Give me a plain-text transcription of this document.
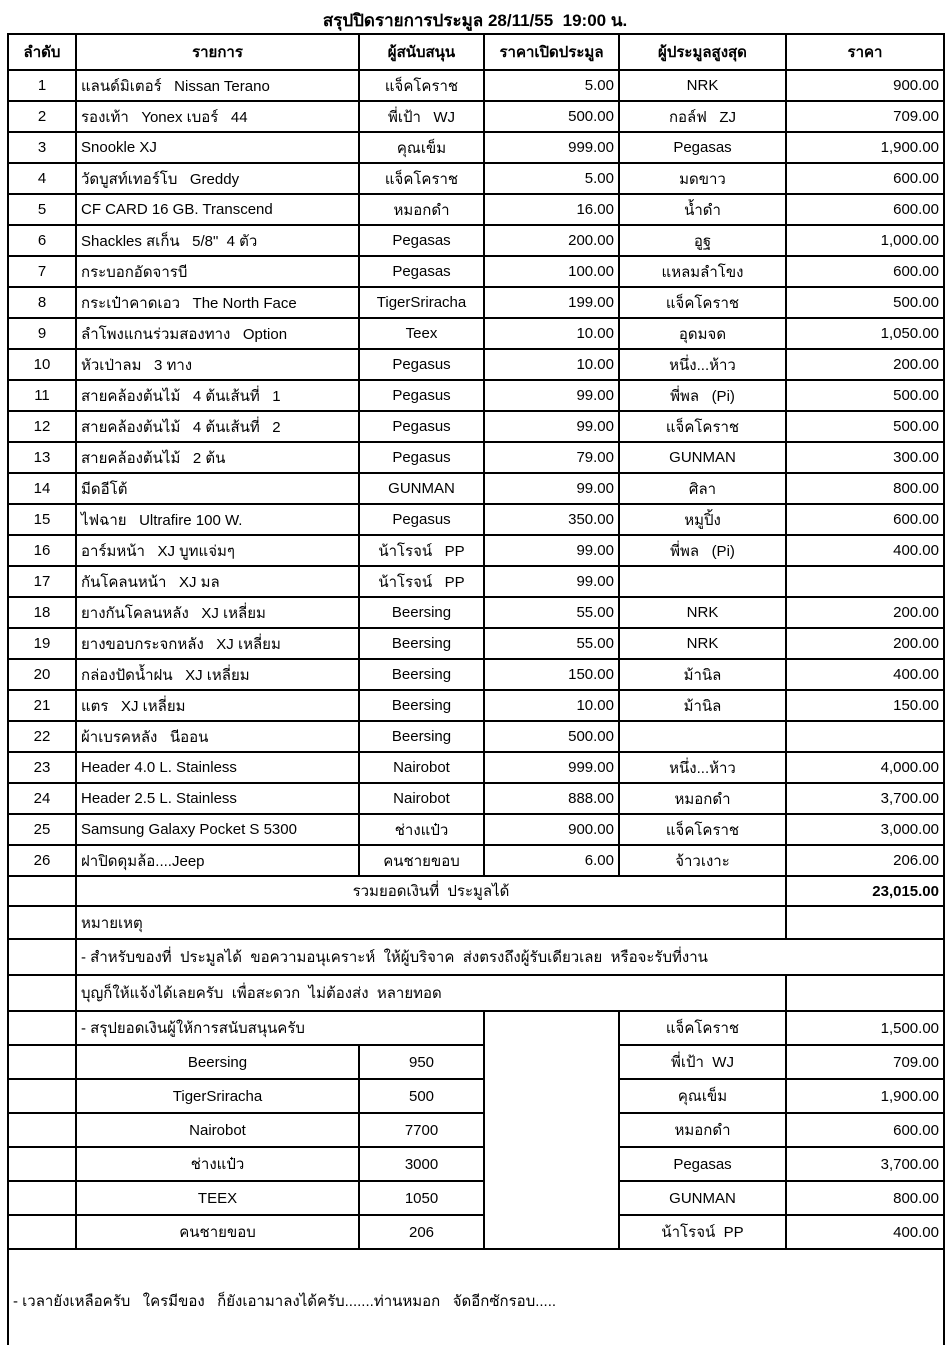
สรุปปิดรายการประมูล 28/11/55  19:00 น.
ลำดับ	รายการ	ผู้สนับสนุน	ราคาเปิดประมูล	ผู้ประมูลสูงสุด	ราคา
1	แลนด์มิเตอร์   Nissan Terano	แจ็คโคราช	5.00	NRK	900.00
2	รองเท้า   Yonex เบอร์   44	พี่เป้า   WJ	500.00	กอล์ฟ   ZJ	709.00
3	Snookle XJ	คุณเข็ม	999.00	Pegasas	1,900.00
4	วัดบูสท์เทอร์โบ   Greddy	แจ็คโคราช	5.00	มดขาว	600.00
5	CF CARD 16 GB. Transcend	หมอกดำ	16.00	น้ำดำ	600.00
6	Shackles สเก็น   5/8"  4 ตัว	Pegasas	200.00	อูฐ	1,000.00
7	กระบอกอัดจารบี	Pegasas	100.00	แหลมลำโขง	600.00
8	กระเป๋าคาดเอว   The North Face	TigerSriracha	199.00	แจ็คโคราช	500.00
9	ลำโพงแกนร่วมสองทาง   Option	Teex	10.00	อุดมจด	1,050.00
10	หัวเป่าลม   3 ทาง	Pegasus	10.00	หนึ่ง...ห้าว	200.00
11	สายคล้องต้นไม้   4 ต้นเส้นที่   1	Pegasus	99.00	พี่พล   (Pi)	500.00
12	สายคล้องต้นไม้   4 ต้นเส้นที่   2	Pegasus	99.00	แจ็คโคราช	500.00
13	สายคล้องต้นไม้   2 ต้น	Pegasus	79.00	GUNMAN	300.00
14	มีดอีโต้	GUNMAN	99.00	ศิลา	800.00
15	ไฟฉาย   Ultrafire 100 W.	Pegasus	350.00	หมูปิ้ง	600.00
16	อาร์มหน้า   XJ บูทแจ่มๆ	น้าโรจน์   PP	99.00	พี่พล   (Pi)	400.00
17	กันโคลนหน้า   XJ มล	น้าโรจน์   PP	99.00		
18	ยางกันโคลนหลัง   XJ เหลี่ยม	Beersing	55.00	NRK	200.00
19	ยางขอบกระจกหลัง   XJ เหลี่ยม	Beersing	55.00	NRK	200.00
20	กล่องปัดน้ำฝน   XJ เหลี่ยม	Beersing	150.00	ม้านิล	400.00
21	แตร   XJ เหลี่ยม	Beersing	10.00	ม้านิล	150.00
22	ผ้าเบรคหลัง   นีออน	Beersing	500.00		
23	Header 4.0 L. Stainless	Nairobot	999.00	หนึ่ง...ห้าว	4,000.00
24	Header 2.5 L. Stainless	Nairobot	888.00	หมอกดำ	3,700.00
25	Samsung Galaxy Pocket S 5300	ช่างแป๋ว	900.00	แจ็คโคราช	3,000.00
26	ฝาปิดดุมล้อ....Jeep	คนชายขอบ	6.00	จ้าวเงาะ	206.00
	รวมยอดเงินที่  ประมูลได้				23,015.00
	หมายเหตุ				
	- สำหรับของที่  ประมูลได้  ขอความอนุเคราะห์  ให้ผู้บริจาค  ส่งตรงถึงผู้รับเดียวเลย  หรือจะรับที่งาน				
	บุญก็ให้แจ้งได้เลยครับ  เพื่อสะดวก  ไม่ต้องส่ง  หลายทอด				
	- สรุปยอดเงินผู้ให้การสนับสนุนครับ			แจ็คโคราช	1,500.00
	Beersing	950		พี่เป้า  WJ	709.00
	TigerSriracha	500		คุณเข็ม	1,900.00
	Nairobot	7700		หมอกดำ	600.00
	ช่างแป๋ว	3000		Pegasas	3,700.00
	TEEX	1050		GUNMAN	800.00
	คนชายขอบ	206		น้าโรจน์  PP	400.00
- เวลายังเหลือครับ   ใครมีของ   ก็ยังเอามาลงได้ครับ.......ท่านหมอก   จัดอีกซักรอบ.....					
